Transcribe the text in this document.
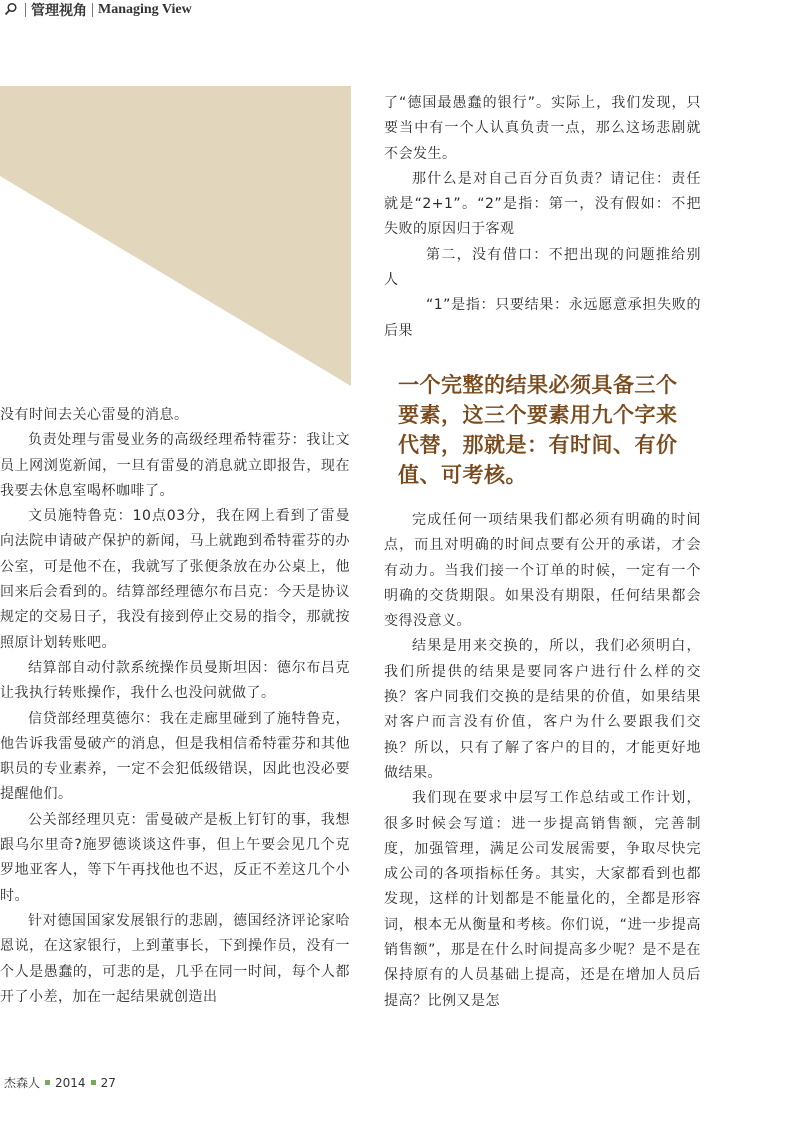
管理视角 Managing View

没有时间去关心雷曼的消息。

负责处理与雷曼业务的高级经理希特霍芬：我让文员上网浏览新闻，一旦有雷曼的消息就立即报告，现在我要去休息室喝杯咖啡了。

文员施特鲁克：10点03分，我在网上看到了雷曼向法院申请破产保护的新闻，马上就跑到希特霍芬的办公室，可是他不在，我就写了张便条放在办公桌上，他回来后会看到的。结算部经理德尔布吕克：今天是协议规定的交易日子，我没有接到停止交易的指令，那就按照原计划转账吧。

结算部自动付款系统操作员曼斯坦因：德尔布吕克让我执行转账操作，我什么也没问就做了。

信贷部经理莫德尔：我在走廊里碰到了施特鲁克，他告诉我雷曼破产的消息，但是我相信希特霍芬和其他职员的专业素养，一定不会犯低级错误，因此也没必要提醒他们。

公关部经理贝克：雷曼破产是板上钉钉的事，我想跟乌尔里奇?施罗德谈谈这件事，但上午要会见几个克罗地亚客人，等下午再找他也不迟，反正不差这几个小时。

针对德国国家发展银行的悲剧，德国经济评论家哈恩说，在这家银行，上到董事长，下到操作员，没有一个人是愚蠢的，可悲的是，几乎在同一时间，每个人都开了小差，加在一起结果就创造出

了“德国最愚蠢的银行”。实际上，我们发现，只要当中有一个人认真负责一点，那么这场悲剧就不会发生。

那什么是对自己百分百负责？请记住：责任就是“2+1”。“2”是指：第一，没有假如：不把失败的原因归于客观

第二，没有借口：不把出现的问题推给别人

“1”是指：只要结果：永远愿意承担失败的后果

一个完整的结果必须具备三个要素，这三个要素用九个字来代替，那就是：有时间、有价值、可考核。

完成任何一项结果我们都必须有明确的时间点，而且对明确的时间点要有公开的承诺，才会有动力。当我们接一个订单的时候，一定有一个明确的交货期限。如果没有期限，任何结果都会变得没意义。

结果是用来交换的，所以，我们必须明白，我们所提供的结果是要同客户进行什么样的交换？客户同我们交换的是结果的价值，如果结果对客户而言没有价值，客户为什么要跟我们交换？所以，只有了解了客户的目的，才能更好地做结果。

我们现在要求中层写工作总结或工作计划，很多时候会写道：进一步提高销售额，完善制度，加强管理，满足公司发展需要，争取尽快完成公司的各项指标任务。其实，大家都看到也都发现，这样的计划都是不能量化的，全都是形容词，根本无从衡量和考核。你们说，“进一步提高销售额”，那是在什么时间提高多少呢？是不是在保持原有的人员基础上提高，还是在增加人员后提高？比例又是怎

杰森人 2014 27
